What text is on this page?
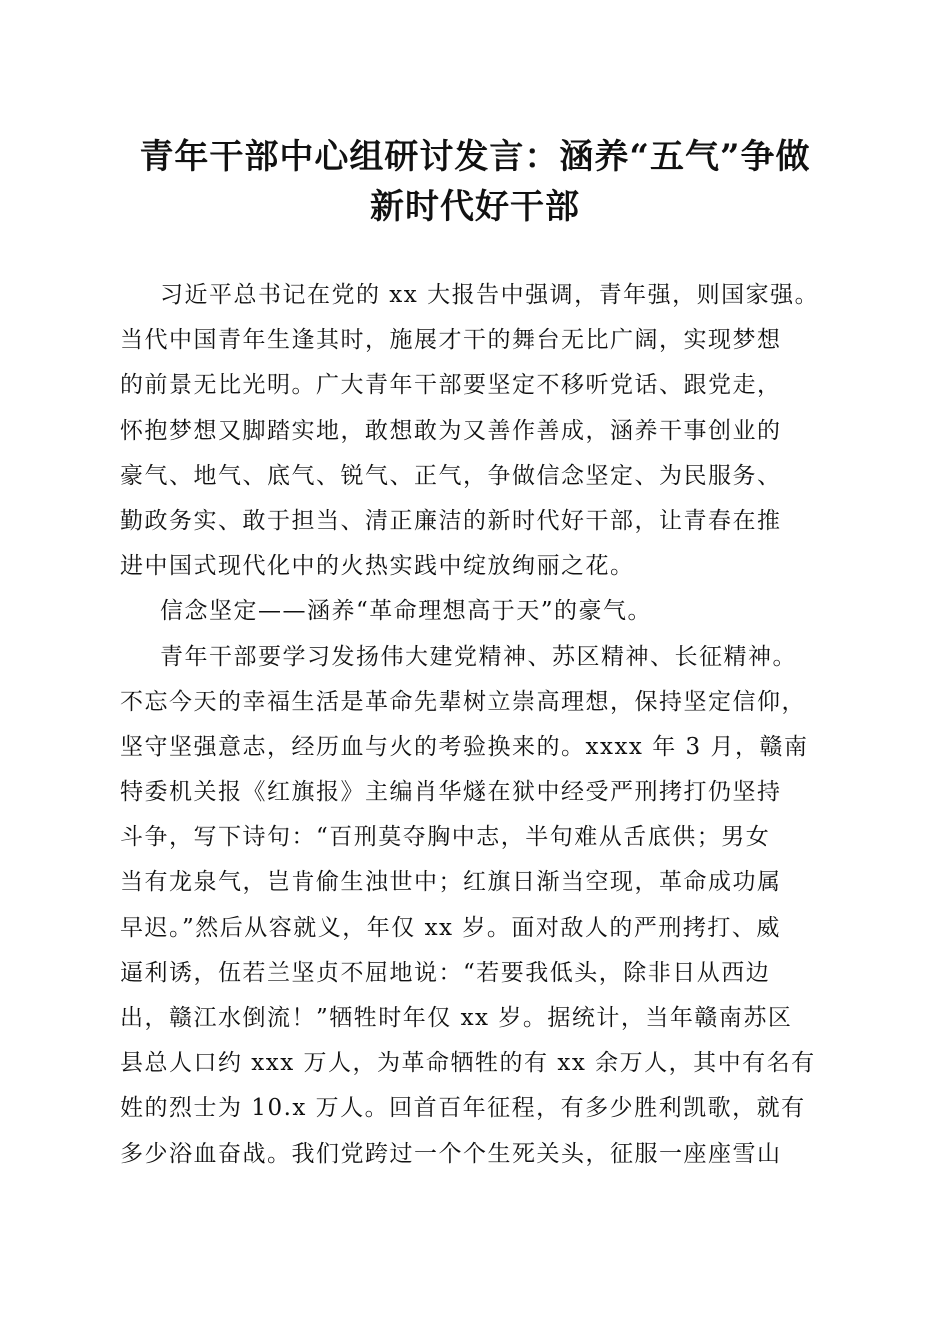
青年干部中心组研讨发言：涵养“五气”争做
新时代好干部
习近平总书记在党的 xx 大报告中强调，青年强，则国家强。
当代中国青年生逢其时，施展才干的舞台无比广阔，实现梦想
的前景无比光明。广大青年干部要坚定不移听党话、跟党走，
怀抱梦想又脚踏实地，敢想敢为又善作善成，涵养干事创业的
豪气、地气、底气、锐气、正气，争做信念坚定、为民服务、
勤政务实、敢于担当、清正廉洁的新时代好干部，让青春在推
进中国式现代化中的火热实践中绽放绚丽之花。
信念坚定——涵养“革命理想高于天”的豪气。
青年干部要学习发扬伟大建党精神、苏区精神、长征精神。
不忘今天的幸福生活是革命先辈树立崇高理想，保持坚定信仰，
坚守坚强意志，经历血与火的考验换来的。xxxx 年 3 月，赣南
特委机关报《红旗报》主编肖华燧在狱中经受严刑拷打仍坚持
斗争，写下诗句：“百刑莫夺胸中志，半句难从舌底供；男女
当有龙泉气，岂肯偷生浊世中；红旗日渐当空现，革命成功属
早迟。”然后从容就义，年仅 xx 岁。面对敌人的严刑拷打、威
逼利诱，伍若兰坚贞不屈地说：“若要我低头，除非日从西边
出，赣江水倒流！”牺牲时年仅 xx 岁。据统计，当年赣南苏区
县总人口约 xxx 万人，为革命牺牲的有 xx 余万人，其中有名有
姓的烈士为 10.x 万人。回首百年征程，有多少胜利凯歌，就有
多少浴血奋战。我们党跨过一个个生死关头，征服一座座雪山
